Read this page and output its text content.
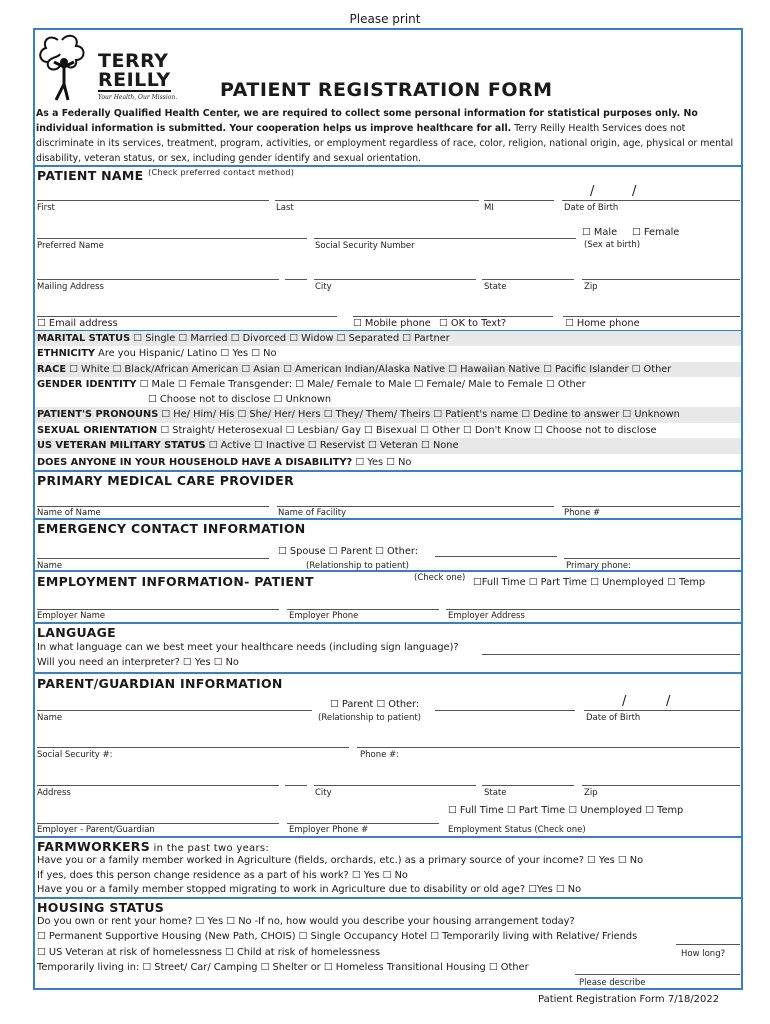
Please print
TERRY
REILLY
Your Health, Our Mission. PATIENT REGISTRATION FORM
As a Federally Qualified Health Center, we are required to collect some personal information for statistical purposes only. No individual information is submitted. Your cooperation helps us improve healthcare for all. Terry Reilly Health Services does not discriminate in its services, treatment, program, activities, or employment regardless of race, color, religion, national origin, age, physical or mental disability, veteran status, or sex, including gender identify and sexual orientation.
PATIENT NAME $^{(Check preferred contact method)}$
/	/
First	Last	MI	Date of Birth
☐ Male ☐ Female
Preferred Name	Social Security Number	(Sex at birth)
Mailing Address	City	State	Zip
☐ Email address	☐ Mobile phone ☐ OK to Text?	☐ Home phone
MARITAL STATUS ☐ Single ☐ Married ☐ Divorced ☐ Widow ☐ Separated ☐ Partner
ETHNICITY Are you Hispanic/ Latino ☐ Yes ☐ No
RACE ☐ White ☐ Black/African American ☐ Asian ☐ American Indian/Alaska Native ☐ Hawaiian Native ☐ Pacific Islander ☐ Other
GENDER IDENTITY ☐ Male ☐ Female Transgender: ☐ Male/ Female to Male ☐ Female/ Male to Female ☐ Other
☐ Choose not to disclose ☐ Unknown
PATIENT'S PRONOUNS ☐ He/ Him/ His ☐ She/ Her/ Hers ☐ They/ Them/ Theirs ☐ Patient's name ☐ Dedine to answer ☐ Unknown
SEXUAL ORIENTATION ☐ Straight/ Heterosexual ☐ Lesbian/ Gay ☐ Bisexual ☐ Other ☐ Don't Know ☐ Choose not to disclose
US VETERAN MILITARY STATUS ☐ Active ☐ Inactive ☐ Reservist ☐ Veteran ☐ None
DOES ANYONE IN YOUR HOUSEHOLD HAVE A DISABILITY? ☐ Yes ☐ No
PRIMARY MEDICAL CARE PROVIDER
Name of Name	Name of Facility	Phone #
EMERGENCY CONTACT INFORMATION
☐ Spouse ☐ Parent ☐ Other:
Name	(Relationship to patient)	Primary phone:
EMPLOYMENT INFORMATION- PATIENT	(Check one) ☐Full Time ☐ Part Time ☐ Unemployed ☐ Temp
Employer Name	Employer Phone	Employer Address
LANGUAGE
In what language can we best meet your healthcare needs (including sign language)?
Will you need an interpreter? ☐ Yes ☐ No
PARENT/GUARDIAN INFORMATION
☐ Parent ☐ Other:	/	/
Name	(Relationship to patient)	Date of Birth
Social Security #:	Phone #:
Address	City	State	Zip
☐ Full Time ☐ Part Time ☐ Unemployed ☐ Temp
Employer - Parent/Guardian	Employer Phone #	Employment Status (Check one)
FARMWORKERS in the past two years:
Have you or a family member worked in Agriculture (fields, orchards, etc.) as a primary source of your income? ☐ Yes ☐ No
If yes, does this person change residence as a part of his work? ☐ Yes ☐ No
Have you or a family member stopped migrating to work in Agriculture due to disability or old age? ☐Yes ☐ No
HOUSING STATUS
Do you own or rent your home? ☐ Yes ☐ No -If no, how would you describe your housing arrangement today?
☐ Permanent Supportive Housing (New Path, CHOIS) ☐ Single Occupancy Hotel ☐ Temporarily living with Relative/ Friends
☐ US Veteran at risk of homelessness ☐ Child at risk of homelessness	How long?
Temporarily living in: ☐ Street/ Car/ Camping ☐ Shelter or ☐ Homeless Transitional Housing ☐ Other
Please describe
Patient Registration Form 7/18/2022
